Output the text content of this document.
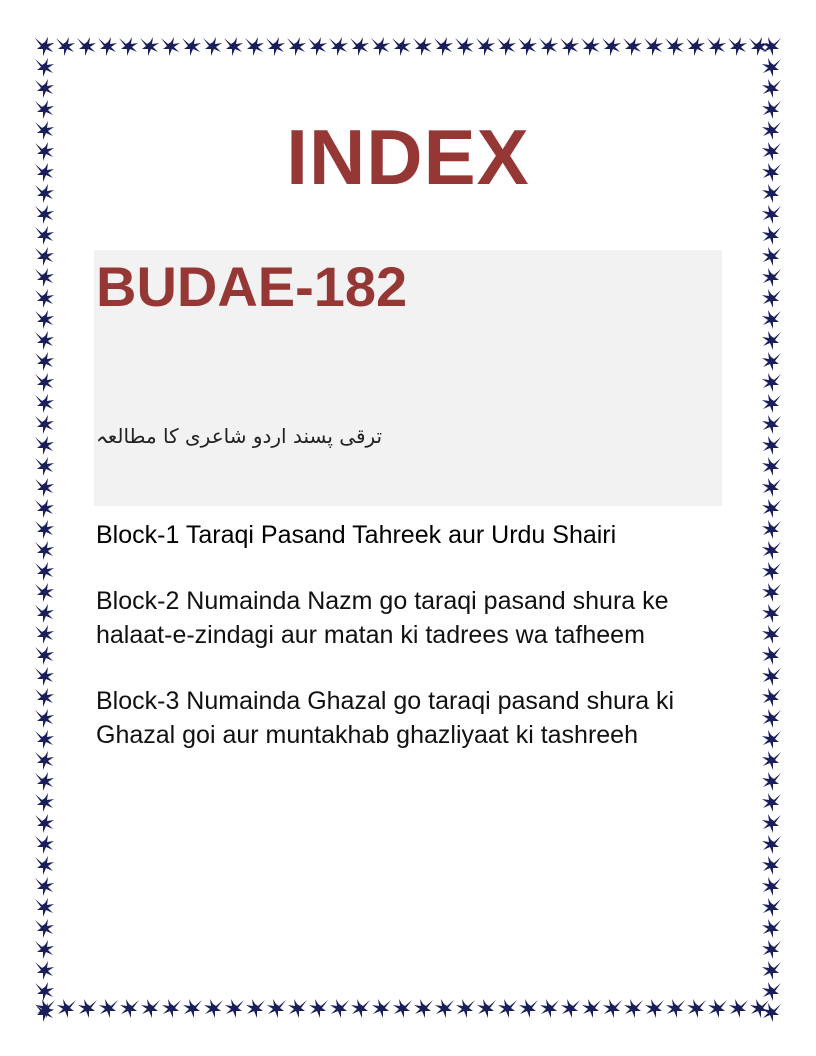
INDEX
BUDAE-182
ترقی پسند اردو شاعری کا مطالعہ

Block-1 Taraqi Pasand Tahreek aur Urdu Shairi

Block-2 Numainda Nazm go taraqi pasand shura ke halaat-e-zindagi aur matan ki tadrees wa tafheem

Block-3 Numainda Ghazal go taraqi pasand shura ki Ghazal goi aur muntakhab ghazliyaat ki tashreeh
